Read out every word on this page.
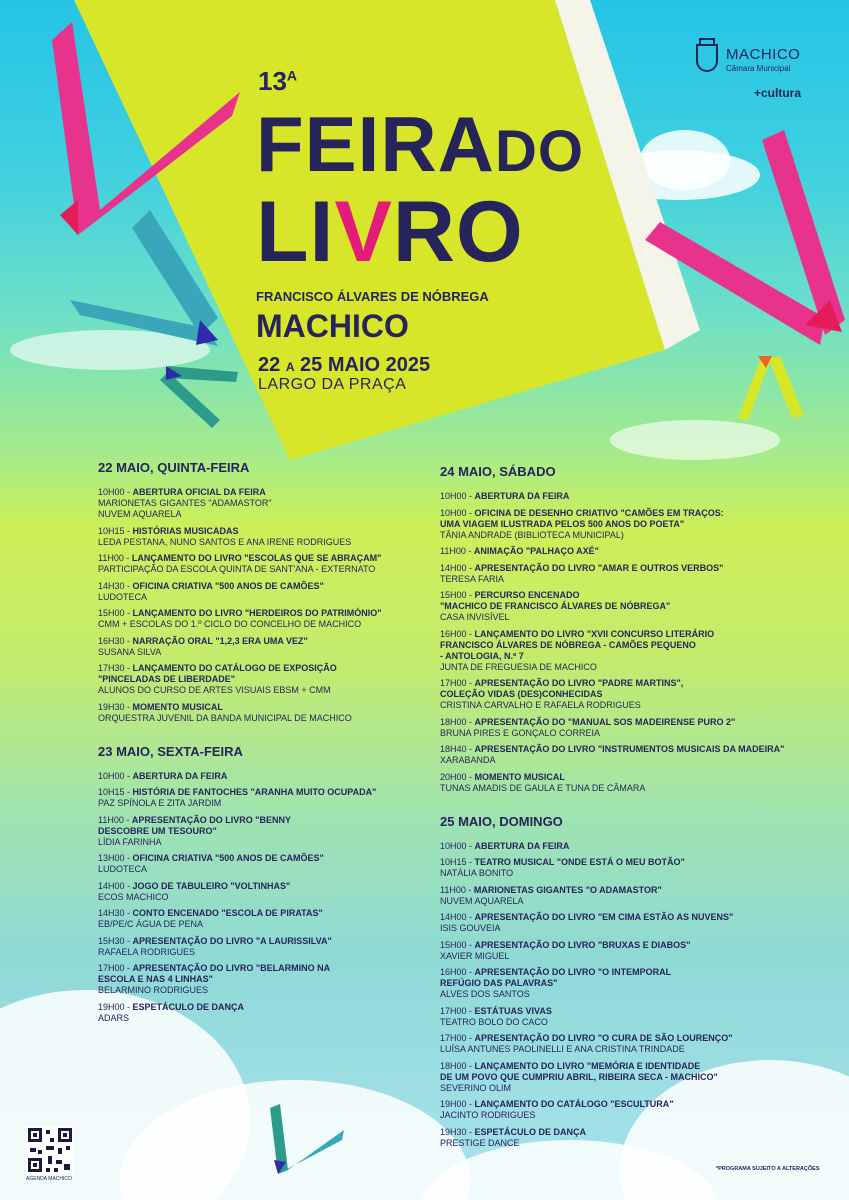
$13^A$
FEIRADO
LIVRO
FRANCISCO ÁLVARES DE NÓBREGA
MACHICO
22 A 25 MAIO 2025
LARGO DA PRAÇA
MACHICO
Câmara Municipal
+cultura
22 MAIO, QUINTA-FEIRA
10H00 - ABERTURA OFICIAL DA FEIRA
MARIONETAS GIGANTES "ADAMASTOR"
NUVEM AQUARELA
10H15 - HISTÓRIAS MUSICADAS
LEDA PESTANA, NUNO SANTOS E ANA IRENE RODRIGUES
11H00 - LANÇAMENTO DO LIVRO "ESCOLAS QUE SE ABRAÇAM"
PARTICIPAÇÃO DA ESCOLA QUINTA DE SANT'ANA - EXTERNATO
14H30 - OFICINA CRIATIVA "500 ANOS DE CAMÕES"
LUDOTECA
15H00 - LANÇAMENTO DO LIVRO "HERDEIROS DO PATRIMÓNIO"
CMM + ESCOLAS DO 1.º CICLO DO CONCELHO DE MACHICO
16H30 - NARRAÇÃO ORAL "1,2,3 ERA UMA VEZ"
SUSANA SILVA
17H30 - LANÇAMENTO DO CATÁLOGO DE EXPOSIÇÃO
"PINCELADAS DE LIBERDADE"
ALUNOS DO CURSO DE ARTES VISUAIS EBSM + CMM
19H30 - MOMENTO MUSICAL
ORQUESTRA JUVENIL DA BANDA MUNICIPAL DE MACHICO
23 MAIO, SEXTA-FEIRA
10H00 - ABERTURA DA FEIRA
10H15 - HISTÓRIA DE FANTOCHES "ARANHA MUITO OCUPADA"
PAZ SPÍNOLA E ZITA JARDIM
11H00 - APRESENTAÇÃO DO LIVRO "BENNY
DESCOBRE UM TESOURO"
LÍDIA FARINHA
13H00 - OFICINA CRIATIVA "500 ANOS DE CAMÕES"
LUDOTECA
14H00 - JOGO DE TABULEIRO "VOLTINHAS"
ECOS MACHICO
14H30 - CONTO ENCENADO "ESCOLA DE PIRATAS"
EB/PE/C ÁGUA DE PENA
15H30 - APRESENTAÇÃO DO LIVRO "A LAURISSILVA"
RAFAELA RODRIGUES
17H00 - APRESENTAÇÃO DO LIVRO "BELARMINO NA
ESCOLA E NAS 4 LINHAS"
BELARMINO RODRIGUES
19H00 - ESPETÁCULO DE DANÇA
ADARS
24 MAIO, SÁBADO
10H00 - ABERTURA DA FEIRA
10H00 - OFICINA DE DESENHO CRIATIVO "CAMÕES EM TRAÇOS:
UMA VIAGEM ILUSTRADA PELOS 500 ANOS DO POETA"
TÂNIA ANDRADE (BIBLIOTECA MUNICIPAL)
11H00 - ANIMAÇÃO "PALHAÇO AXÉ"
14H00 - APRESENTAÇÃO DO LIVRO "AMAR E OUTROS VERBOS"
TERESA FARIA
15H00 - PERCURSO ENCENADO
"MACHICO DE FRANCISCO ÁLVARES DE NÓBREGA"
CASA INVISÍVEL
16H00 - LANÇAMENTO DO LIVRO "XVII CONCURSO LITERÁRIO
FRANCISCO ÁLVARES DE NÓBREGA - CAMÕES PEQUENO
- ANTOLOGIA, N.º 7
JUNTA DE FREGUESIA DE MACHICO
17H00 - APRESENTAÇÃO DO LIVRO "PADRE MARTINS",
COLEÇÃO VIDAS (DES)CONHECIDAS
CRISTINA CARVALHO E RAFAELA RODRIGUES
18H00 - APRESENTAÇÃO DO "MANUAL SOS MADEIRENSE PURO 2"
BRUNA PIRES E GONÇALO CORREIA
18H40 - APRESENTAÇÃO DO LIVRO "INSTRUMENTOS MUSICAIS DA MADEIRA"
XARABANDA
20H00 - MOMENTO MUSICAL
TUNAS AMADIS DE GAULA E TUNA DE CÂMARA
25 MAIO, DOMINGO
10H00 - ABERTURA DA FEIRA
10H15 - TEATRO MUSICAL "ONDE ESTÁ O MEU BOTÃO"
NATÁLIA BONITO
11H00 - MARIONETAS GIGANTES "O ADAMASTOR"
NUVEM AQUARELA
14H00 - APRESENTAÇÃO DO LIVRO "EM CIMA ESTÃO AS NUVENS"
ISIS GOUVEIA
15H00 - APRESENTAÇÃO DO LIVRO "BRUXAS E DIABOS"
XAVIER MIGUEL
16H00 - APRESENTAÇÃO DO LIVRO "O INTEMPORAL
REFÚGIO DAS PALAVRAS"
ALVES DOS SANTOS
17H00 - ESTÁTUAS VIVAS
TEATRO BOLO DO CACO
17H00 - APRESENTAÇÃO DO LIVRO "O CURA DE SÃO LOURENÇO"
LUÍSA ANTUNES PAOLINELLI E ANA CRISTINA TRINDADE
18H00 - LANÇAMENTO DO LIVRO "MEMÓRIA E IDENTIDADE
DE UM POVO QUE CUMPRIU ABRIL, RIBEIRA SECA - MACHICO"
SEVERINO OLIM
19H00 - LANÇAMENTO DO CATÁLOGO "ESCULTURA"
JACINTO RODRIGUES
19H30 - ESPETÁCULO DE DANÇA
PRESTIGE DANCE
AGENDA MACHICO
*PROGRAMA SUJEITO A ALTERAÇÕES
